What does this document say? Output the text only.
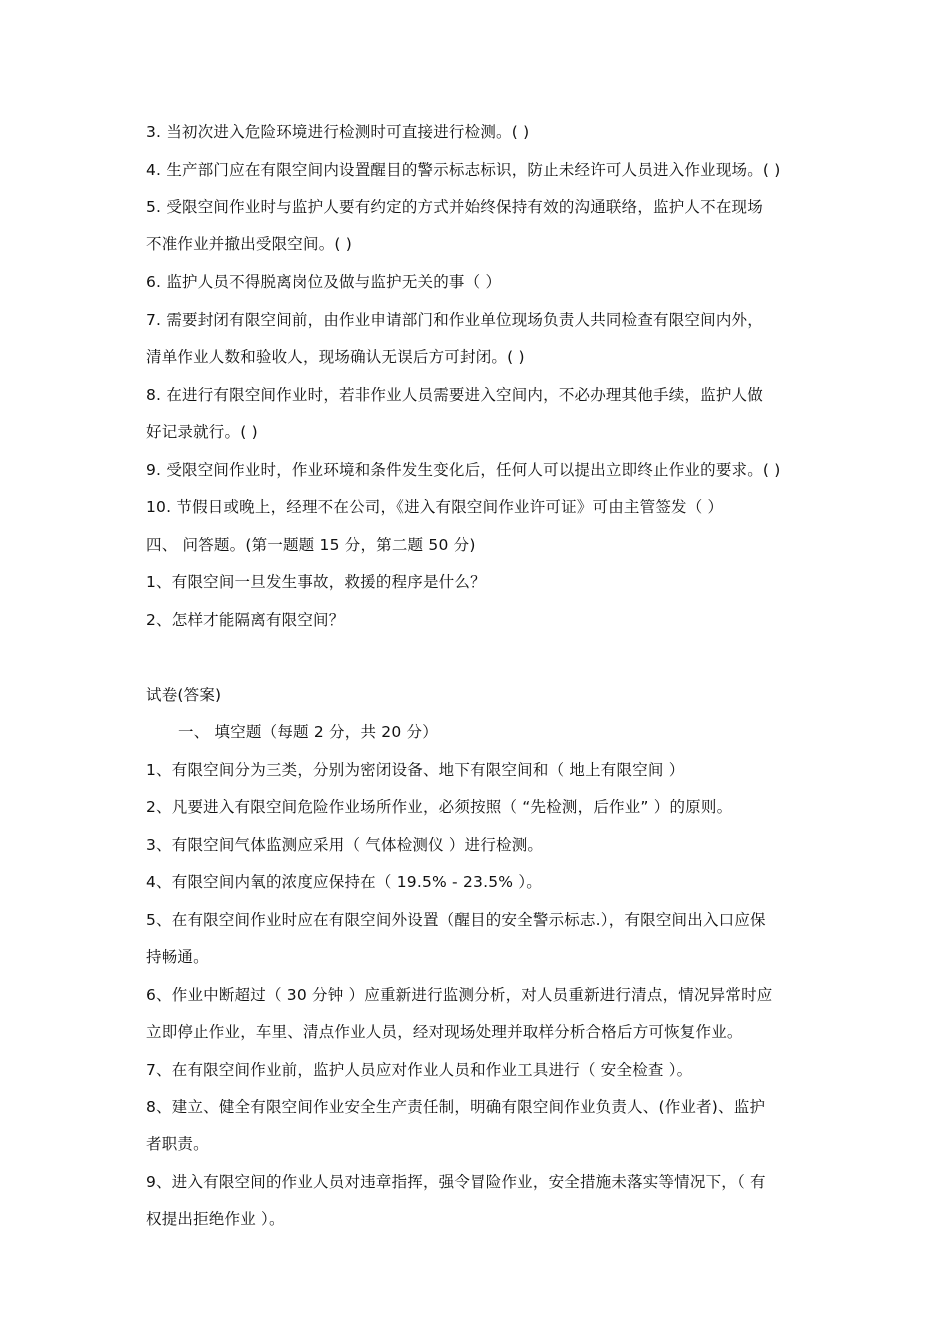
3. 当初次进入危险环境进行检测时可直接进行检测。( )
4. 生产部门应在有限空间内设置醒目的警示标志标识，防止未经许可人员进入作业现场。( )
5. 受限空间作业时与监护人要有约定的方式并始终保持有效的沟通联络，监护人不在现场
不准作业并撤出受限空间。( )
6. 监护人员不得脱离岗位及做与监护无关的事（ ）
7. 需要封闭有限空间前，由作业申请部门和作业单位现场负责人共同检查有限空间内外，
清单作业人数和验收人，现场确认无误后方可封闭。( )
8. 在进行有限空间作业时，若非作业人员需要进入空间内，不必办理其他手续，监护人做
好记录就行。( )
9. 受限空间作业时，作业环境和条件发生变化后，任何人可以提出立即终止作业的要求。( )
10. 节假日或晚上，经理不在公司，《进入有限空间作业许可证》可由主管签发（ ）
四、 问答题。(第一题题 15 分，第二题 50 分)
1、有限空间一旦发生事故，救援的程序是什么？
2、怎样才能隔离有限空间？
试卷(答案)
一、 填空题（每题 2 分，共 20 分）
1、有限空间分为三类，分别为密闭设备、地下有限空间和（ 地上有限空间 ）
2、凡要进入有限空间危险作业场所作业，必须按照（ “先检测，后作业” ）的原则。
3、有限空间气体监测应采用（ 气体检测仪 ）进行检测。
4、有限空间内氧的浓度应保持在（ 19.5% - 23.5% ）。
5、在有限空间作业时应在有限空间外设置（醒目的安全警示标志.），有限空间出入口应保
持畅通。
6、作业中断超过（ 30 分钟 ）应重新进行监测分析，对人员重新进行清点，情况异常时应
立即停止作业，车里、清点作业人员，经对现场处理并取样分析合格后方可恢复作业。
7、在有限空间作业前，监护人员应对作业人员和作业工具进行（ 安全检查 ）。
8、建立、健全有限空间作业安全生产责任制，明确有限空间作业负责人、(作业者)、监护
者职责。
9、进入有限空间的作业人员对违章指挥，强令冒险作业，安全措施未落实等情况下，（ 有
权提出拒绝作业 ）。
